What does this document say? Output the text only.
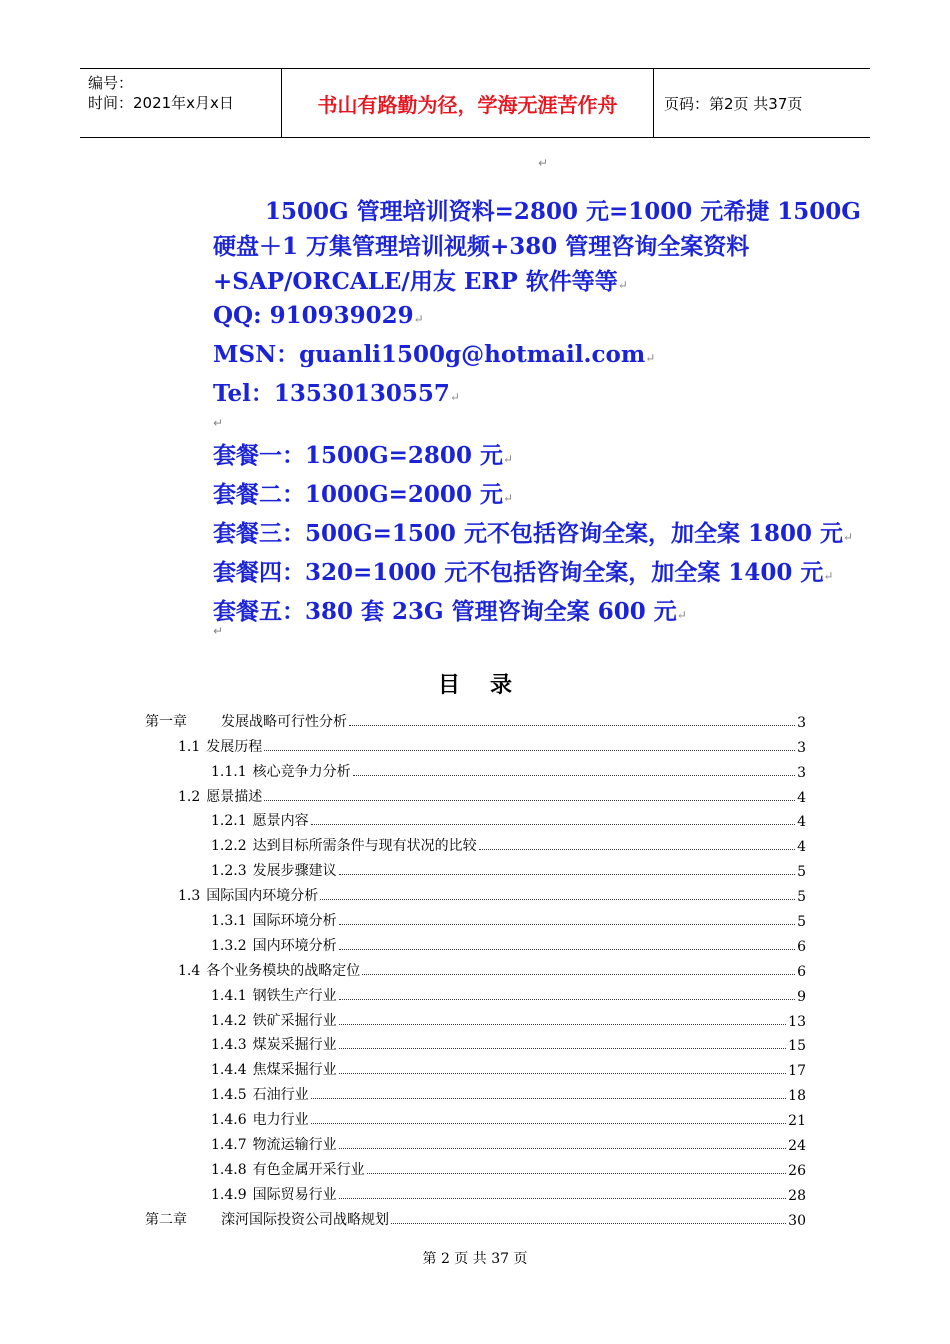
编号：
时间：2021年x月x日	书山有路勤为径，学海无涯苦作舟	页码：第2页 共37页
↵
1500G 管理培训资料=2800 元=1000 元希捷 1500G 硬盘＋1 万集管理培训视频+380 管理咨询全案资料+SAP/ORCALE/用友 ERP 软件等等↵
QQ: 910939029↵
MSN：guanli1500g@hotmail.com↵
Tel：13530130557↵
↵
套餐一：1500G=2800 元↵
套餐二：1000G=2000 元↵
套餐三：500G=1500 元不包括咨询全案，加全案 1800 元↵
套餐四：320=1000 元不包括咨询全案，加全案 1400 元↵
套餐五：380 套 23G 管理咨询全案 600 元↵
↵
目录
第一章 发展战略可行性分析	3
1.1 发展历程	3
1.1.1 核心竞争力分析	3
1.2 愿景描述	4
1.2.1 愿景内容	4
1.2.2 达到目标所需条件与现有状况的比较	4
1.2.3 发展步骤建议	5
1.3 国际国内环境分析	5
1.3.1 国际环境分析	5
1.3.2 国内环境分析	6
1.4 各个业务模块的战略定位	6
1.4.1 钢铁生产行业	9
1.4.2 铁矿采掘行业	13
1.4.3 煤炭采掘行业	15
1.4.4 焦煤采掘行业	17
1.4.5 石油行业	18
1.4.6 电力行业	21
1.4.7 物流运输行业	24
1.4.8 有色金属开采行业	26
1.4.9 国际贸易行业	28
第二章 滦河国际投资公司战略规划	30
第 2 页 共 37 页
